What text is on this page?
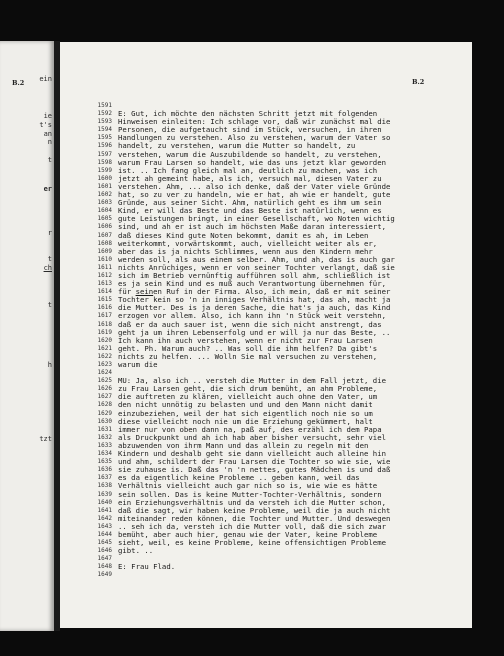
B.2 ein
ie
t's
an
n
t
er
r
t
ch
t
h
tzt
B.2
1591
1592
1593
1594
1595
1596
1597
1598
1599
1600
1601
1602
1603
1604
1605
1606
1607
1608
1609
1610
1611
1612
1613
1614
1615
1616
1617
1618
1619
1620
1621
1622
1623
1624
1625
1626
1627
1628
1629
1630
1631
1632
1633
1634
1635
1636
1637
1638
1639
1640
1641
1642
1643
1644
1645
1646
1647
1648
1649
E: Gut, ich möchte den nächsten Schritt jetzt mit folgenden
Hinweisen einleiten: Ich schlage vor, daß wir zunächst mal die
Personen, die aufgetaucht sind im Stück, versuchen, in ihren
Handlungen zu verstehen. Also zu verstehen, warum der Vater so
handelt, zu verstehen, warum die Mutter so handelt, zu
verstehen, warum die Auszubildende so handelt, zu verstehen,
warum Frau Larsen so handelt, wie das uns jetzt klar geworden
ist. .. Ich fang gleich mal an, deutlich zu machen, was ich
jetzt ah gemeint habe, als ich, versuch mal, diesen Vater zu
verstehen. Ahm, ... also ich denke, daß der Vater viele Gründe
hat, so zu ver zu handeln, wie er hat, ah wie er handelt, gute
Gründe, aus seiner Sicht. Ahm, natürlich geht es ihm um sein
Kind, er will das Beste und das Beste ist natürlich, wenn es
gute Leistungen bringt, in einer Gesellschaft, wo Noten wichtig
sind, und ah er ist auch im höchsten Maße daran interessiert,
daß dieses Kind gute Noten bekommt, damit es ah, im Leben
weiterkommt, vorwärtskommt, auch, vielleicht weiter als er,
aber das is ja nichts Schlimmes, wenn aus den Kindern mehr
werden soll, als aus einem selber. Ahm, und ah, das is auch gar
nichts Anrüchiges, wenn er von seiner Tochter verlangt, daß sie
sich im Betrieb vernünftig aufführen soll ahm, schließlich ist
es ja sein Kind und es muß auch Verantwortung übernehmen für,
für seinen Ruf in der Firma. Also, ich mein, daß er mit seiner
Tochter kein so 'n in inniges Verhältnis hat, das ah, macht ja
die Mutter. Des is ja deren Sache, die hat's ja auch, das Kind
erzogen vor allem. Also, ich kann ihn 'n Stück weit verstehn,
daß er da auch sauer ist, wenn die sich nicht anstrengt, das
geht ja um ihren Lebenserfolg und er will ja nur das Beste, ..
Ich kann ihn auch verstehen, wenn er nicht zur Frau Larsen
geht. Ph. Warum auch? .. Was soll die ihm helfen? Da gibt's
nichts zu helfen. ... Wolln Sie mal versuchen zu verstehen,
warum die
MU: Ja, also ich .. versteh die Mutter in dem Fall jetzt, die
zu Frau Larsen geht, die sich drum bemüht, an ahm Probleme,
die auftreten zu klären, vielleicht auch ohne den Vater, um
den nicht unnötig zu belasten und und den Mann nicht damit
einzubeziehen, weil der hat sich eigentlich noch nie so um
diese vielleicht noch nie um die Erziehung gekümmert, halt
immer nur von oben dann na, paß auf, des erzähl ich dem Papa
als Druckpunkt und ah ich hab aber bisher versucht, sehr viel
abzuwenden von ihrm Mann und das allein zu regeln mit den
Kindern und deshalb geht sie dann vielleicht auch alleine hin
und ahm, schildert der Frau Larsen die Tochter so wie sie, wie
sie zuhause is. Daß das 'n 'n nettes, gutes Mädchen is und daß
es da eigentlich keine Probleme .. geben kann, weil das
Verhältnis vielleicht auch gar nich so is, wie wie es hätte
sein sollen. Das is keine Mutter-Tochter-Verhältnis, sondern
ein Erziehungsverhältnis und da versteh ich die Mutter schon,
daß die sagt, wir haben keine Probleme, weil die ja auch nicht
miteinander reden können, die Tochter und Mutter. Und deswegen
.. seh ich da, versteh ich die Mutter voll, daß die sich zwar
bemüht, aber auch hier, genau wie der Vater, keine Probleme
sieht, weil, es keine Probleme, keine offensichtigen Probleme
gibt. ..
E: Frau Flad.
